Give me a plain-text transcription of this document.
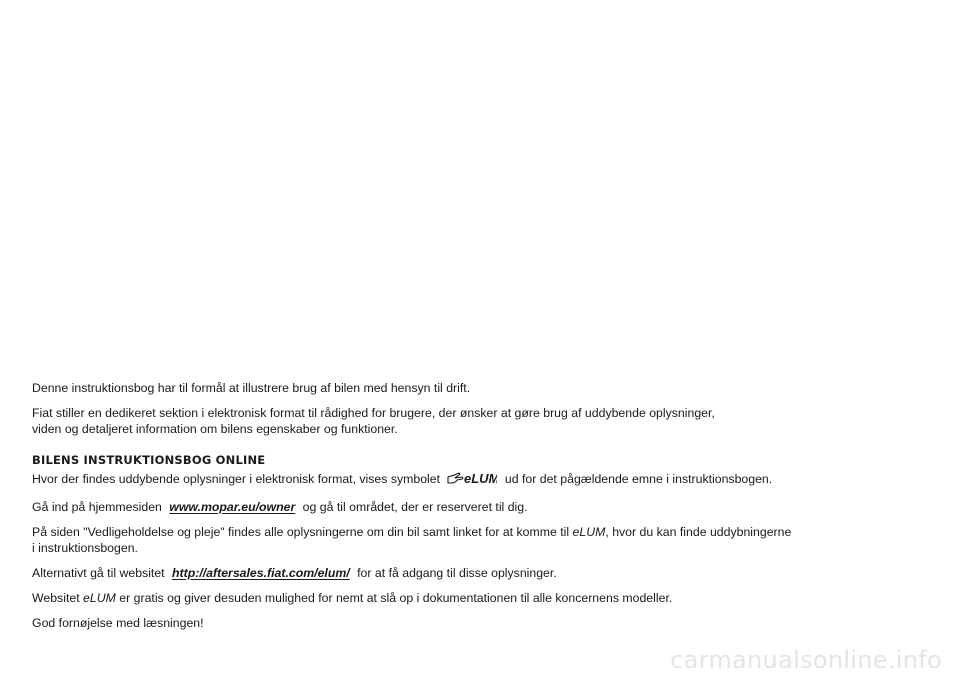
Denne instruktionsbog har til formål at illustrere brug af bilen med hensyn til drift.

Fiat stiller en dedikeret sektion i elektronisk format til rådighed for brugere, der ønsker at gøre brug af uddybende oplysninger,
viden og detaljeret information om bilens egenskaber og funktioner.

BILENS INSTRUKTIONSBOG ONLINE

Hvor der findes uddybende oplysninger i elektronisk format, vises symbolet eLUM ud for det pågældende emne i instruktionsbogen.

Gå ind på hjemmesiden www.mopar.eu/owner og gå til området, der er reserveret til dig.

På siden "Vedligeholdelse og pleje" findes alle oplysningerne om din bil samt linket for at komme til eLUM, hvor du kan finde uddybningerne
i instruktionsbogen.

Alternativt gå til websitet http://aftersales.fiat.com/elum/ for at få adgang til disse oplysninger.

Websitet eLUM er gratis og giver desuden mulighed for nemt at slå op i dokumentationen til alle koncernens modeller.

God fornøjelse med læsningen!

carmanualsonline.info
